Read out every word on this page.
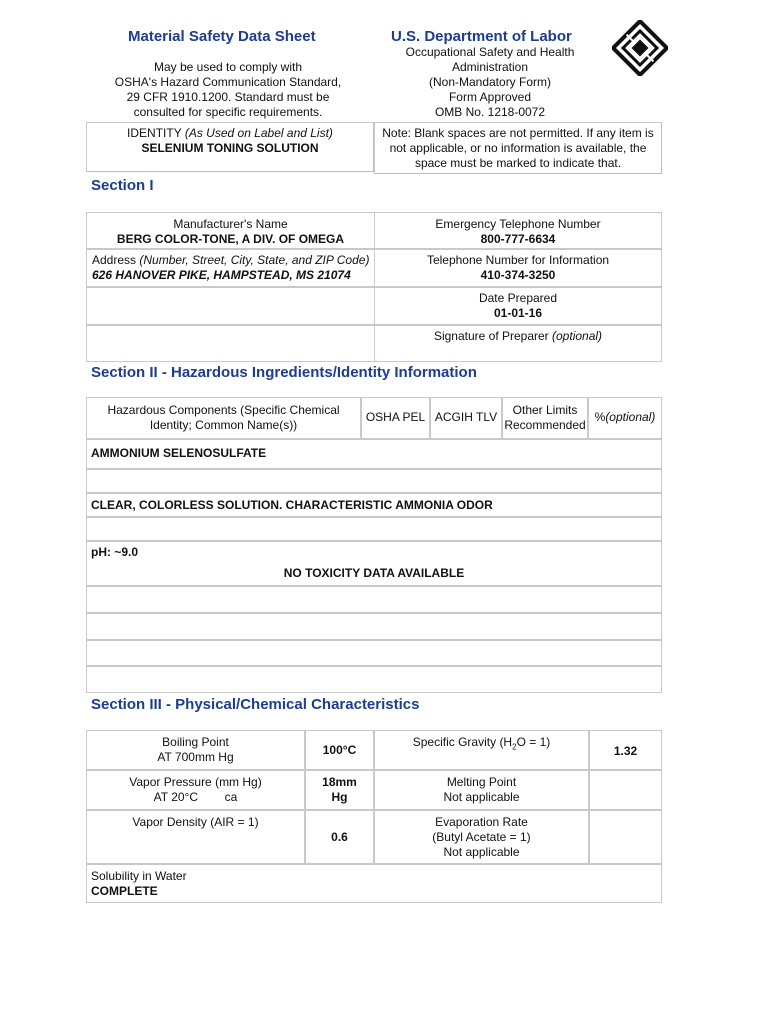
Material Safety Data Sheet
May be used to comply with
OSHA's Hazard Communication Standard,
29 CFR 1910.1200. Standard must be
consulted for specific requirements.
U.S. Department of Labor
Occupational Safety and Health
Administration
(Non-Mandatory Form)
Form Approved
OMB No. 1218-0072
IDENTITY (As Used on Label and List)
SELENIUM TONING SOLUTION
Note: Blank spaces are not permitted. If any item is
not applicable, or no information is available, the
space must be marked to indicate that.
Section I
Manufacturer's Name
BERG COLOR-TONE, A DIV. OF OMEGA
Emergency Telephone Number
800-777-6634
Address (Number, Street, City, State, and ZIP Code)
626 HANOVER PIKE, HAMPSTEAD, MS 21074
Telephone Number for Information
410-374-3250
Date Prepared
01-01-16
Signature of Preparer (optional)
Section II - Hazardous Ingredients/Identity Information
Hazardous Components (Specific Chemical
Identity; Common Name(s))
OSHA PEL ACGIH TLV	Other Limits
Recommended
%(optional)
AMMONIUM SELENOSULFATE
CLEAR, COLORLESS SOLUTION. CHARACTERISTIC AMMONIA ODOR
pH: ~9.0
NO TOXICITY DATA AVAILABLE
Section III - Physical/Chemical Characteristics
Boiling Point
AT 700mm Hg	100°C
Specific Gravity $(H_2O = 1)$
1.32
Vapor Pressure (mm Hg)
AT 20°C        ca
18mm
Hg
Melting Point
Not applicable
Vapor Density (AIR = 1)
0.6
Evaporation Rate
(Butyl Acetate = 1)
Not applicable
Solubility in Water
COMPLETE
